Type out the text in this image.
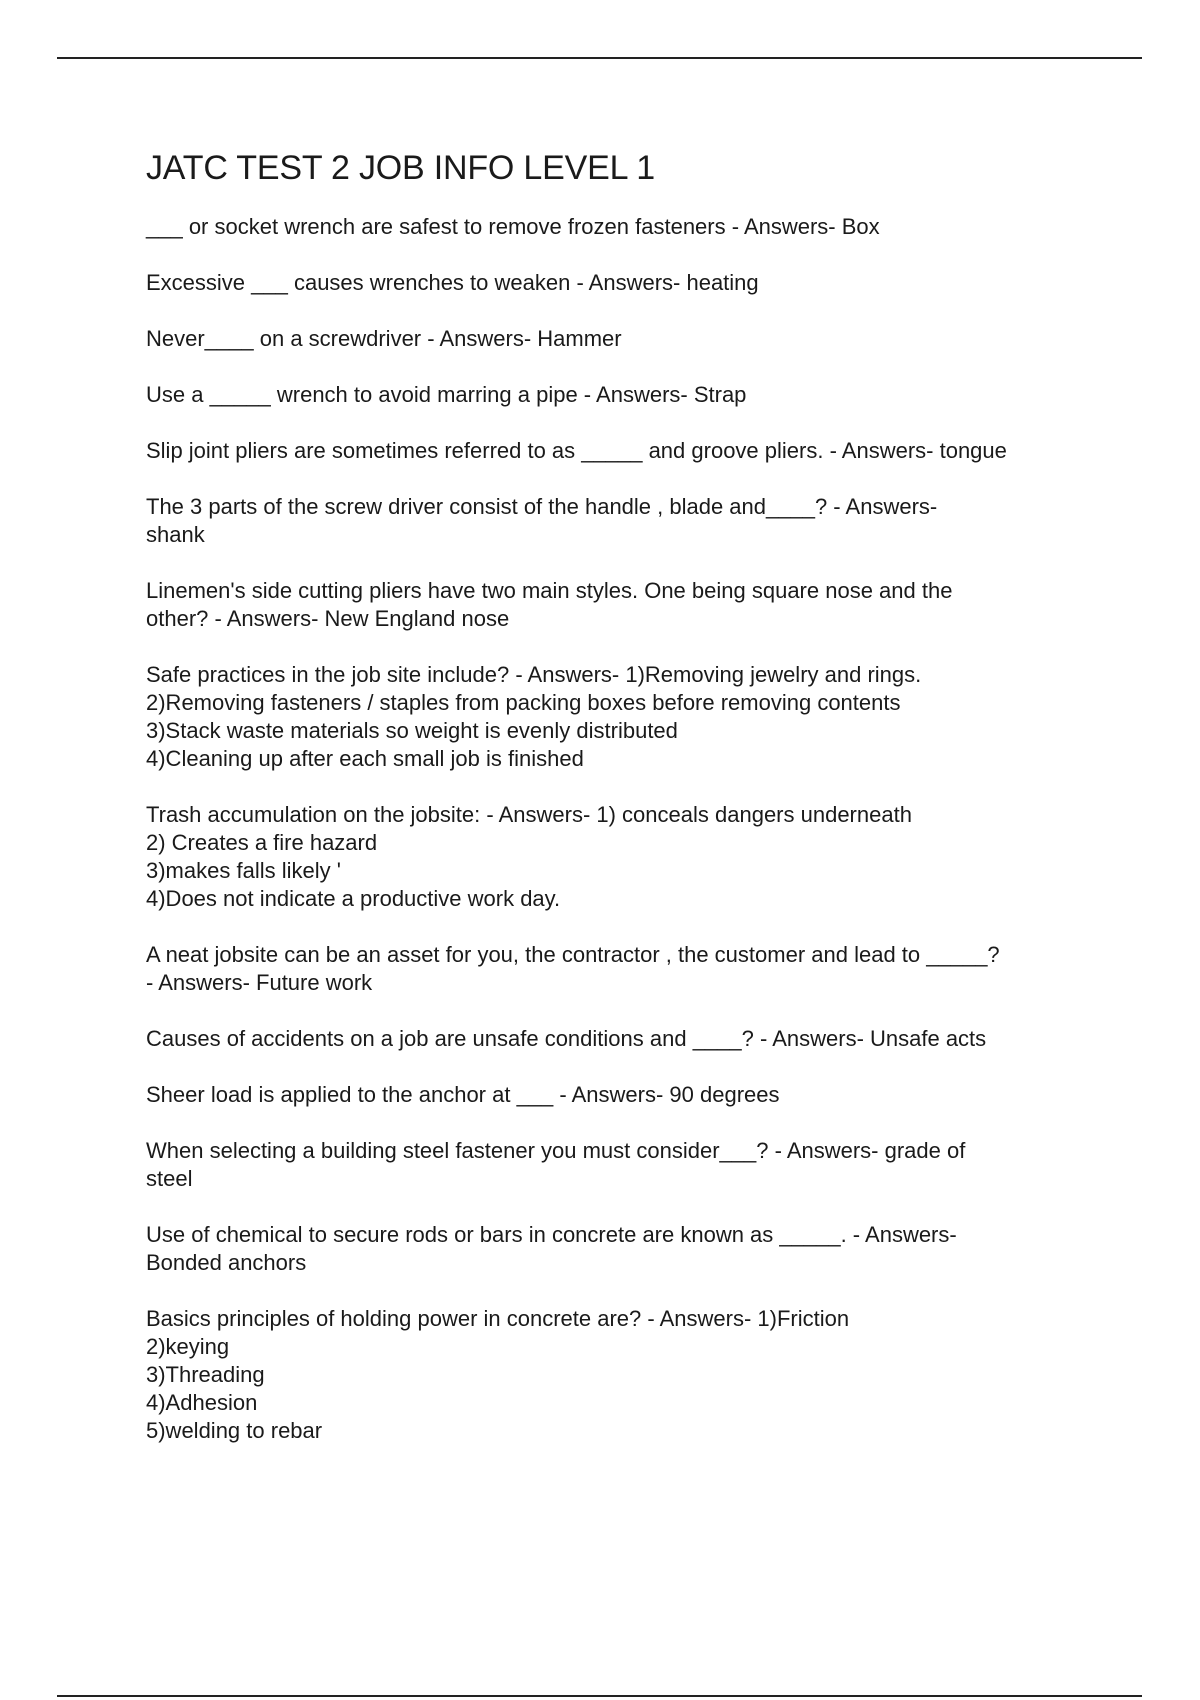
JATC TEST 2 JOB INFO LEVEL 1

___ or socket wrench are safest to remove frozen fasteners - Answers- Box

Excessive ___ causes wrenches to weaken - Answers- heating

Never____ on a screwdriver - Answers- Hammer

Use a _____ wrench to avoid marring a pipe - Answers- Strap

Slip joint pliers are sometimes referred to as _____ and groove pliers. - Answers- tongue

The 3 parts of the screw driver consist of the handle , blade and____? - Answers-
shank

Linemen's side cutting pliers have two main styles. One being square nose and the
other? - Answers- New England nose

Safe practices in the job site include? - Answers- 1)Removing jewelry and rings.
2)Removing fasteners / staples from packing boxes before removing contents
3)Stack waste materials so weight is evenly distributed
4)Cleaning up after each small job is finished

Trash accumulation on the jobsite: - Answers- 1) conceals dangers underneath
2) Creates a fire hazard
3)makes falls likely '
4)Does not indicate a productive work day.

A neat jobsite can be an asset for you, the contractor , the customer and lead to _____?
- Answers- Future work

Causes of accidents on a job are unsafe conditions and ____? - Answers- Unsafe acts

Sheer load is applied to the anchor at ___ - Answers- 90 degrees

When selecting a building steel fastener you must consider___? - Answers- grade of
steel

Use of chemical to secure rods or bars in concrete are known as _____. - Answers-
Bonded anchors

Basics principles of holding power in concrete are? - Answers- 1)Friction
2)keying
3)Threading
4)Adhesion
5)welding to rebar
